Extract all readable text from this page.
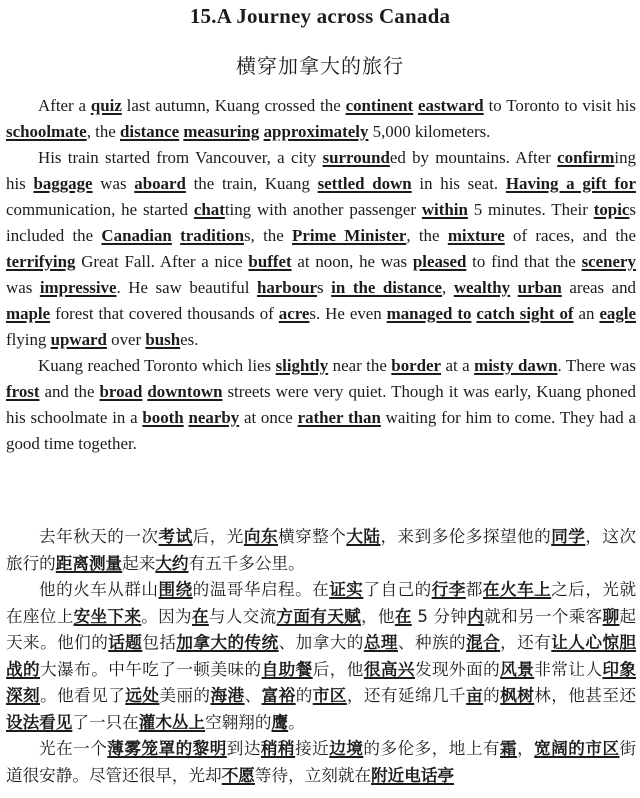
15.A Journey across Canada
横穿加拿大的旅行

After a quiz last autumn, Kuang crossed the continent eastward to Toronto to visit his schoolmate, the distance measuring approximately 5,000 kilometers.

His train started from Vancouver, a city surrounded by mountains. After confirming his baggage was aboard the train, Kuang settled down in his seat. Having a gift for communication, he started chatting with another passenger within 5 minutes. Their topics included the Canadian traditions, the Prime Minister, the mixture of races, and the terrifying Great Fall. After a nice buffet at noon, he was pleased to find that the scenery was impressive. He saw beautiful harbours in the distance, wealthy urban areas and maple forest that covered thousands of acres. He even managed to catch sight of an eagle flying upward over bushes.

Kuang reached Toronto which lies slightly near the border at a misty dawn. There was frost and the broad downtown streets were very quiet. Though it was early, Kuang phoned his schoolmate in a booth nearby at once rather than waiting for him to come. They had a good time together.

去年秋天的一次考试后，光向东横穿整个大陆，来到多伦多探望他的同学，这次旅行的距离测量起来大约有五千多公里。

他的火车从群山围绕的温哥华启程。在证实了自己的行李都在火车上之后，光就在座位上安坐下来。因为在与人交流方面有天赋，他在 5 分钟内就和另一个乘客聊起天来。他们的话题包括加拿大的传统、加拿大的总理、种族的混合，还有让人心惊胆战的大瀑布。中午吃了一顿美味的自助餐后，他很高兴发现外面的风景非常让人印象深刻。他看见了远处美丽的海港、富裕的市区，还有延绵几千亩的枫树林，他甚至还设法看见了一只在灌木丛上空翱翔的鹰。

光在一个薄雾笼罩的黎明到达稍稍接近边境的多伦多，地上有霜，宽阔的市区街道很安静。尽管还很早，光却不愿等待，立刻就在附近电话亭
